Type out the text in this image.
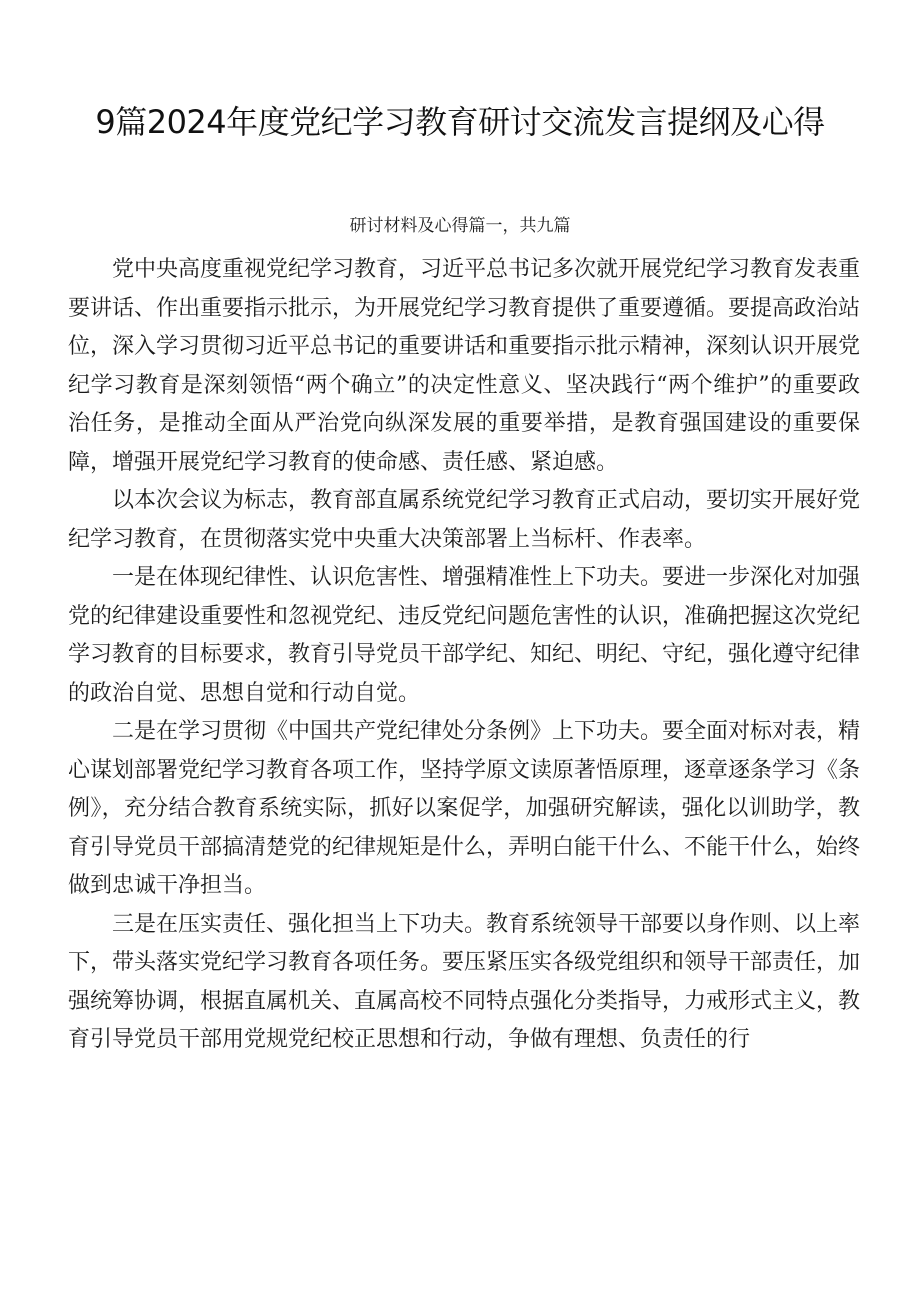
9篇2024年度党纪学习教育研讨交流发言提纲及心得
研讨材料及心得篇一，共九篇

党中央高度重视党纪学习教育，习近平总书记多次就开展党纪学习教育发表重要讲话、作出重要指示批示，为开展党纪学习教育提供了重要遵循。要提高政治站位，深入学习贯彻习近平总书记的重要讲话和重要指示批示精神，深刻认识开展党纪学习教育是深刻领悟“两个确立”的决定性意义、坚决践行“两个维护”的重要政治任务，是推动全面从严治党向纵深发展的重要举措，是教育强国建设的重要保障，增强开展党纪学习教育的使命感、责任感、紧迫感。

以本次会议为标志，教育部直属系统党纪学习教育正式启动，要切实开展好党纪学习教育，在贯彻落实党中央重大决策部署上当标杆、作表率。

一是在体现纪律性、认识危害性、增强精准性上下功夫。要进一步深化对加强党的纪律建设重要性和忽视党纪、违反党纪问题危害性的认识，准确把握这次党纪学习教育的目标要求，教育引导党员干部学纪、知纪、明纪、守纪，强化遵守纪律的政治自觉、思想自觉和行动自觉。

二是在学习贯彻《中国共产党纪律处分条例》上下功夫。要全面对标对表，精心谋划部署党纪学习教育各项工作，坚持学原文读原著悟原理，逐章逐条学习《条例》，充分结合教育系统实际，抓好以案促学，加强研究解读，强化以训助学，教育引导党员干部搞清楚党的纪律规矩是什么，弄明白能干什么、不能干什么，始终做到忠诚干净担当。

三是在压实责任、强化担当上下功夫。教育系统领导干部要以身作则、以上率下，带头落实党纪学习教育各项任务。要压紧压实各级党组织和领导干部责任，加强统筹协调，根据直属机关、直属高校不同特点强化分类指导，力戒形式主义，教育引导党员干部用党规党纪校正思想和行动，争做有理想、负责任的行
